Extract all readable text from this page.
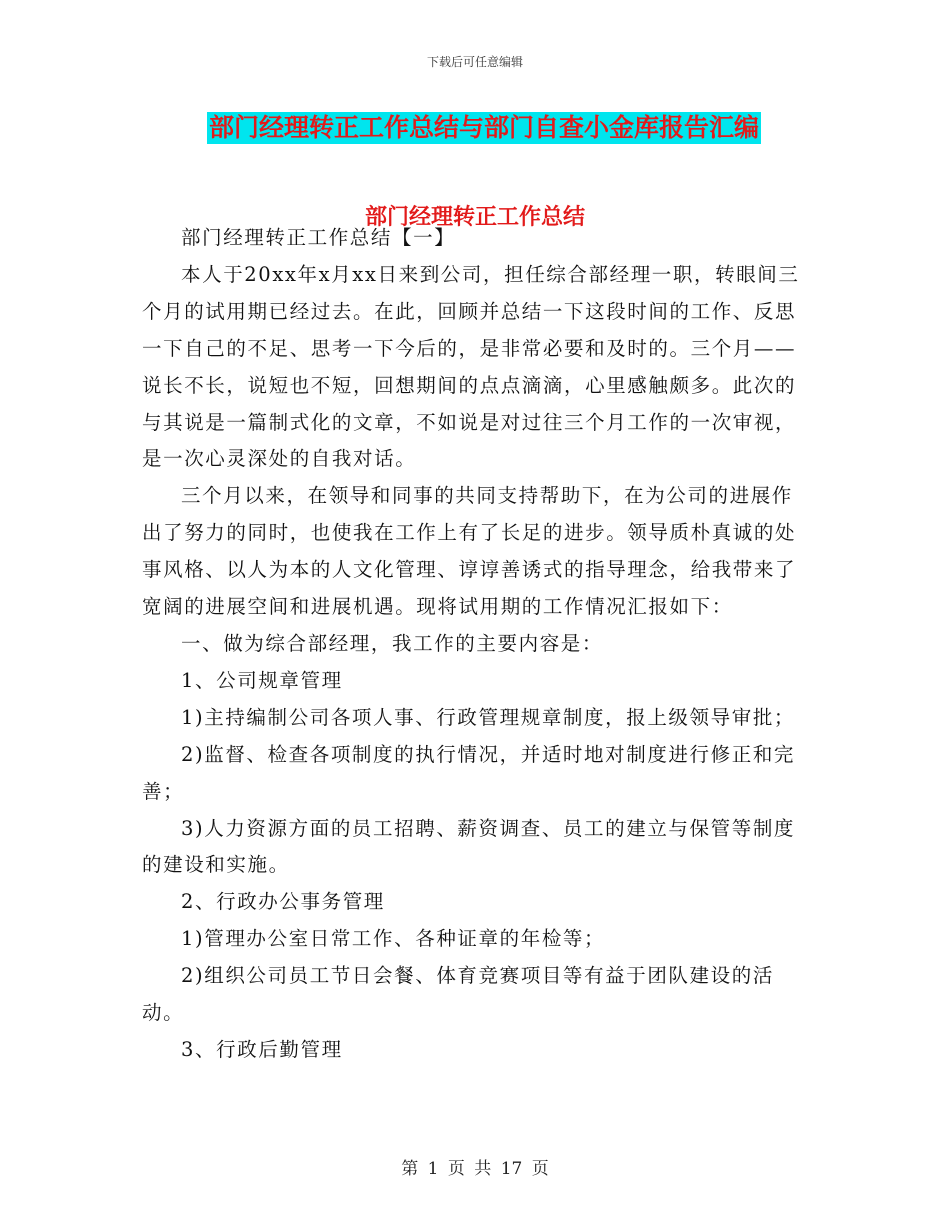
下载后可任意编辑
部门经理转正工作总结与部门自查小金库报告汇编
部门经理转正工作总结

部门经理转正工作总结【一】

本人于20xx年x月xx日来到公司，担任综合部经理一职，转眼间三个月的试用期已经过去。在此，回顾并总结一下这段时间的工作、反思一下自己的不足、思考一下今后的，是非常必要和及时的。三个月——说长不长，说短也不短，回想期间的点点滴滴，心里感触颇多。此次的与其说是一篇制式化的文章，不如说是对过往三个月工作的一次审视，是一次心灵深处的自我对话。

三个月以来，在领导和同事的共同支持帮助下，在为公司的进展作出了努力的同时，也使我在工作上有了长足的进步。领导质朴真诚的处事风格、以人为本的人文化管理、谆谆善诱式的指导理念，给我带来了宽阔的进展空间和进展机遇。现将试用期的工作情况汇报如下：

一、做为综合部经理，我工作的主要内容是：

1、公司规章管理

1)主持编制公司各项人事、行政管理规章制度，报上级领导审批；

2)监督、检查各项制度的执行情况，并适时地对制度进行修正和完善；

3)人力资源方面的员工招聘、薪资调查、员工的建立与保管等制度的建设和实施。

2、行政办公事务管理

1)管理办公室日常工作、各种证章的年检等；

2)组织公司员工节日会餐、体育竞赛项目等有益于团队建设的活动。

3、行政后勤管理

第 1 页 共 17 页
